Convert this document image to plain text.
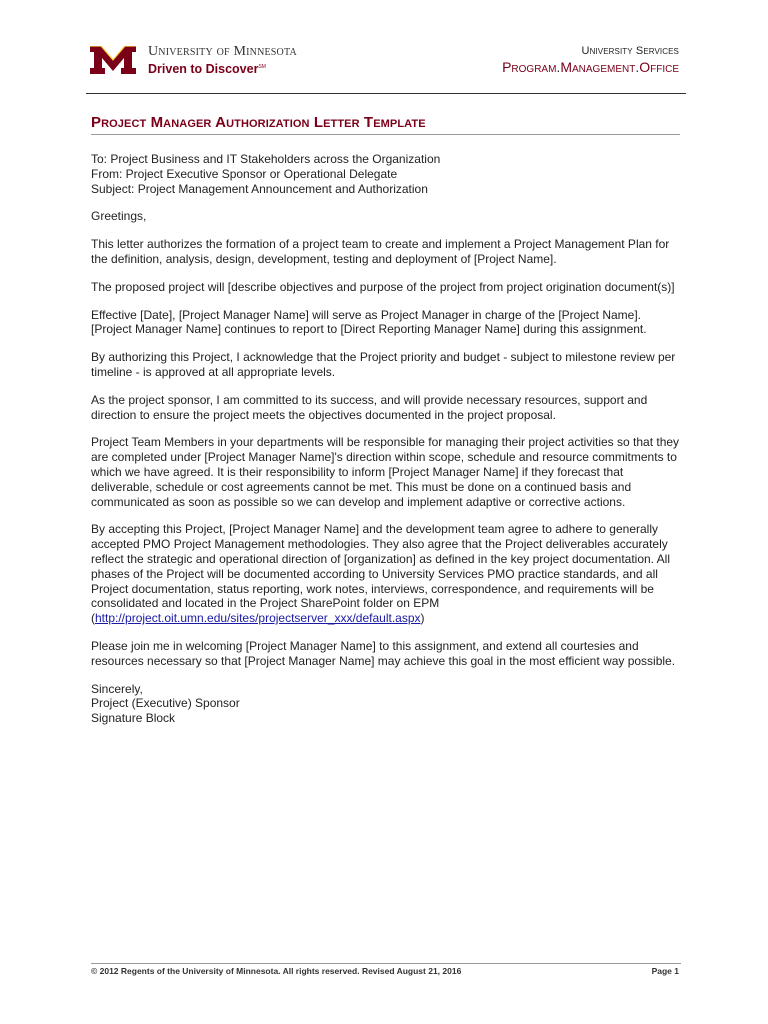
University of Minnesota
Driven to Discover℠
University Services
Program.Management.Office
Project Manager Authorization Letter Template
To: Project Business and IT Stakeholders across the Organization
From: Project Executive Sponsor or Operational Delegate

Subject: Project Management Announcement and Authorization

Greetings,

This letter authorizes the formation of a project team to create and implement a Project Management Plan for the definition, analysis, design, development, testing and deployment of [Project Name].

The proposed project will [describe objectives and purpose of the project from project origination document(s)]

Effective [Date], [Project Manager Name] will serve as Project Manager in charge of the [Project Name]. [Project Manager Name] continues to report to [Direct Reporting Manager Name] during this assignment.

By authorizing this Project, I acknowledge that the Project priority and budget - subject to milestone review per timeline - is approved at all appropriate levels.

As the project sponsor, I am committed to its success, and will provide necessary resources, support and direction to ensure the project meets the objectives documented in the project proposal.

Project Team Members in your departments will be responsible for managing their project activities so that they are completed under [Project Manager Name]'s direction within scope, schedule and resource commitments to which we have agreed. It is their responsibility to inform [Project Manager Name] if they forecast that deliverable, schedule or cost agreements cannot be met. This must be done on a continued basis and communicated as soon as possible so we can develop and implement adaptive or corrective actions.

By accepting this Project, [Project Manager Name] and the development team agree to adhere to generally accepted PMO Project Management methodologies. They also agree that the Project deliverables accurately reflect the strategic and operational direction of [organization] as defined in the key project documentation. All phases of the Project will be documented according to University Services PMO practice standards, and all Project documentation, status reporting, work notes, interviews, correspondence, and requirements will be consolidated and located in the Project SharePoint folder on EPM (http://project.oit.umn.edu/sites/projectserver_xxx/default.aspx)

Please join me in welcoming [Project Manager Name] to this assignment, and extend all courtesies and resources necessary so that [Project Manager Name] may achieve this goal in the most efficient way possible.

Sincerely,
Project (Executive) Sponsor
Signature Block
© 2012 Regents of the University of Minnesota. All rights reserved. Revised August 21, 2016	Page 1
